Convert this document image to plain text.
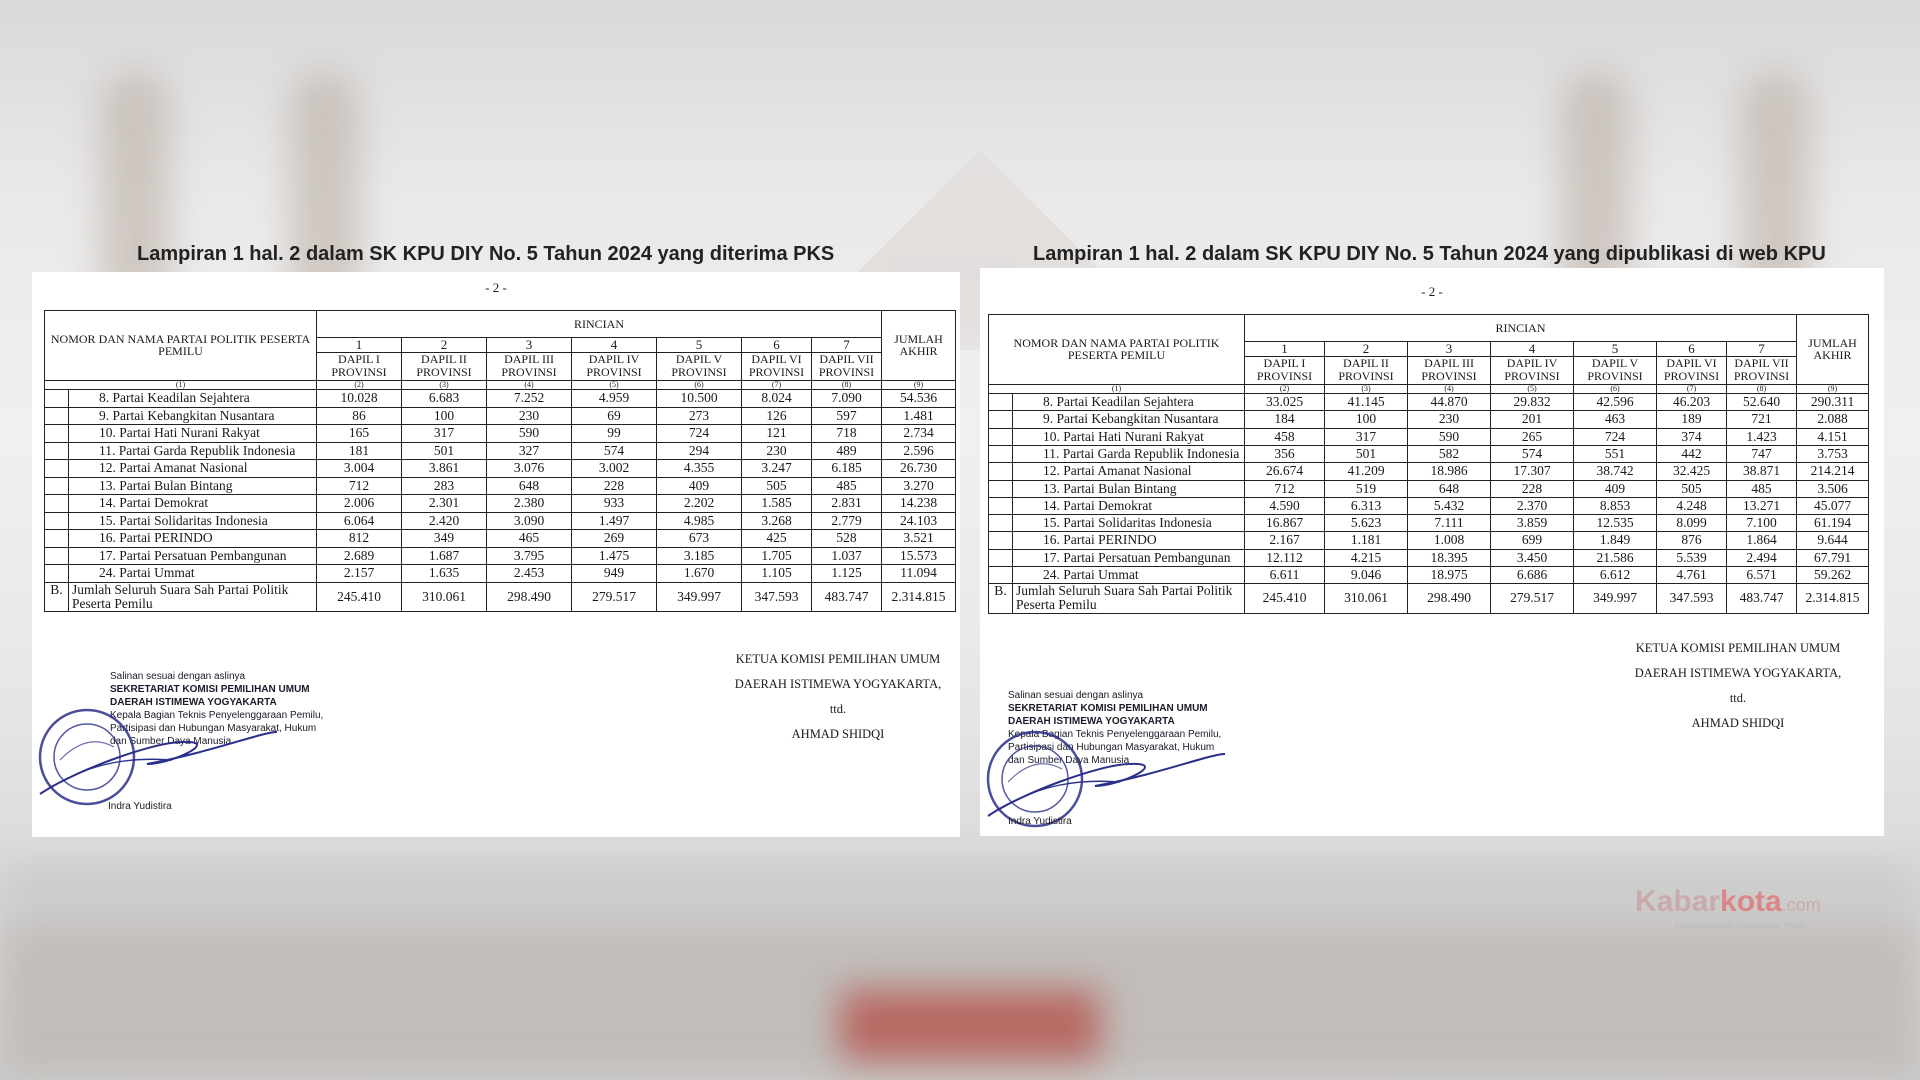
Lampiran 1 hal. 2 dalam SK KPU DIY No. 5 Tahun 2024 yang diterima PKS	Lampiran 1 hal. 2 dalam SK KPU DIY No. 5 Tahun 2024 yang dipublikasi di web KPU
- 2 -
NOMOR DAN NAMA PARTAI POLITIK PESERTA PEMILU		RINCIAN							JUMLAH AKHIR
		1	2	3	4	5	6	7	
		DAPIL I PROVINSI	DAPIL II PROVINSI	DAPIL III PROVINSI	DAPIL IV PROVINSI	DAPIL V PROVINSI	DAPIL VI PROVINSI	DAPIL VII PROVINSI	
(1)		(2)	(3)	(4)	(5)	(6)	(7)	(8)	(9)
	8. Partai Keadilan Sejahtera	10.028	6.683	7.252	4.959	10.500	8.024	7.090	54.536
	9. Partai Kebangkitan Nusantara	86	100	230	69	273	126	597	1.481
	10. Partai Hati Nurani Rakyat	165	317	590	99	724	121	718	2.734
	11. Partai Garda Republik Indonesia	181	501	327	574	294	230	489	2.596
	12. Partai Amanat Nasional	3.004	3.861	3.076	3.002	4.355	3.247	6.185	26.730
	13. Partai Bulan Bintang	712	283	648	228	409	505	485	3.270
	14. Partai Demokrat	2.006	2.301	2.380	933	2.202	1.585	2.831	14.238
	15. Partai Solidaritas Indonesia	6.064	2.420	3.090	1.497	4.985	3.268	2.779	24.103
	16. Partai PERINDO	812	349	465	269	673	425	528	3.521
	17. Partai Persatuan Pembangunan	2.689	1.687	3.795	1.475	3.185	1.705	1.037	15.573
	24. Partai Ummat	2.157	1.635	2.453	949	1.670	1.105	1.125	11.094
B.	Jumlah Seluruh Suara Sah Partai Politik Peserta Pemilu	245.410	310.061	298.490	279.517	349.997	347.593	483.747	2.314.815
KETUA KOMISI PEMILIHAN UMUM
DAERAH ISTIMEWA YOGYAKARTA,
ttd.
AHMAD SHIDQI
Salinan sesuai dengan aslinya
SEKRETARIAT KOMISI PEMILIHAN UMUM
DAERAH ISTIMEWA YOGYAKARTA
Kepala Bagian Teknis Penyelenggaraan Pemilu,
Partisipasi dan Hubungan Masyarakat, Hukum
dan Sumber Daya Manusia
Indra Yudistira
- 2 -
NOMOR DAN NAMA PARTAI POLITIK PESERTA PEMILU		RINCIAN							JUMLAH AKHIR
		1	2	3	4	5	6	7	
		DAPIL I PROVINSI	DAPIL II PROVINSI	DAPIL III PROVINSI	DAPIL IV PROVINSI	DAPIL V PROVINSI	DAPIL VI PROVINSI	DAPIL VII PROVINSI	
(1)		(2)	(3)	(4)	(5)	(6)	(7)	(8)	(9)
	8. Partai Keadilan Sejahtera	33.025	41.145	44.870	29.832	42.596	46.203	52.640	290.311
	9. Partai Kebangkitan Nusantara	184	100	230	201	463	189	721	2.088
	10. Partai Hati Nurani Rakyat	458	317	590	265	724	374	1.423	4.151
	11. Partai Garda Republik Indonesia	356	501	582	574	551	442	747	3.753
	12. Partai Amanat Nasional	26.674	41.209	18.986	17.307	38.742	32.425	38.871	214.214
	13. Partai Bulan Bintang	712	519	648	228	409	505	485	3.506
	14. Partai Demokrat	4.590	6.313	5.432	2.370	8.853	4.248	13.271	45.077
	15. Partai Solidaritas Indonesia	16.867	5.623	7.111	3.859	12.535	8.099	7.100	61.194
	16. Partai PERINDO	2.167	1.181	1.008	699	1.849	876	1.864	9.644
	17. Partai Persatuan Pembangunan	12.112	4.215	18.395	3.450	21.586	5.539	2.494	67.791
	24. Partai Ummat	6.611	9.046	18.975	6.686	6.612	4.761	6.571	59.262
B.	Jumlah Seluruh Suara Sah Partai Politik Peserta Pemilu	245.410	310.061	298.490	279.517	349.997	347.593	483.747	2.314.815
KETUA KOMISI PEMILIHAN UMUM
DAERAH ISTIMEWA YOGYAKARTA,
ttd.
AHMAD SHIDQI
Salinan sesuai dengan aslinya
SEKRETARIAT KOMISI PEMILIHAN UMUM
DAERAH ISTIMEWA YOGYAKARTA
Kepala Bagian Teknis Penyelenggaraan Pemilu,
Partisipasi dan Hubungan Masyarakat, Hukum
dan Sumber Daya Manusia
Indra Yudistira
Kabarkota.com
Mengedepankan Kepentingan Publik
